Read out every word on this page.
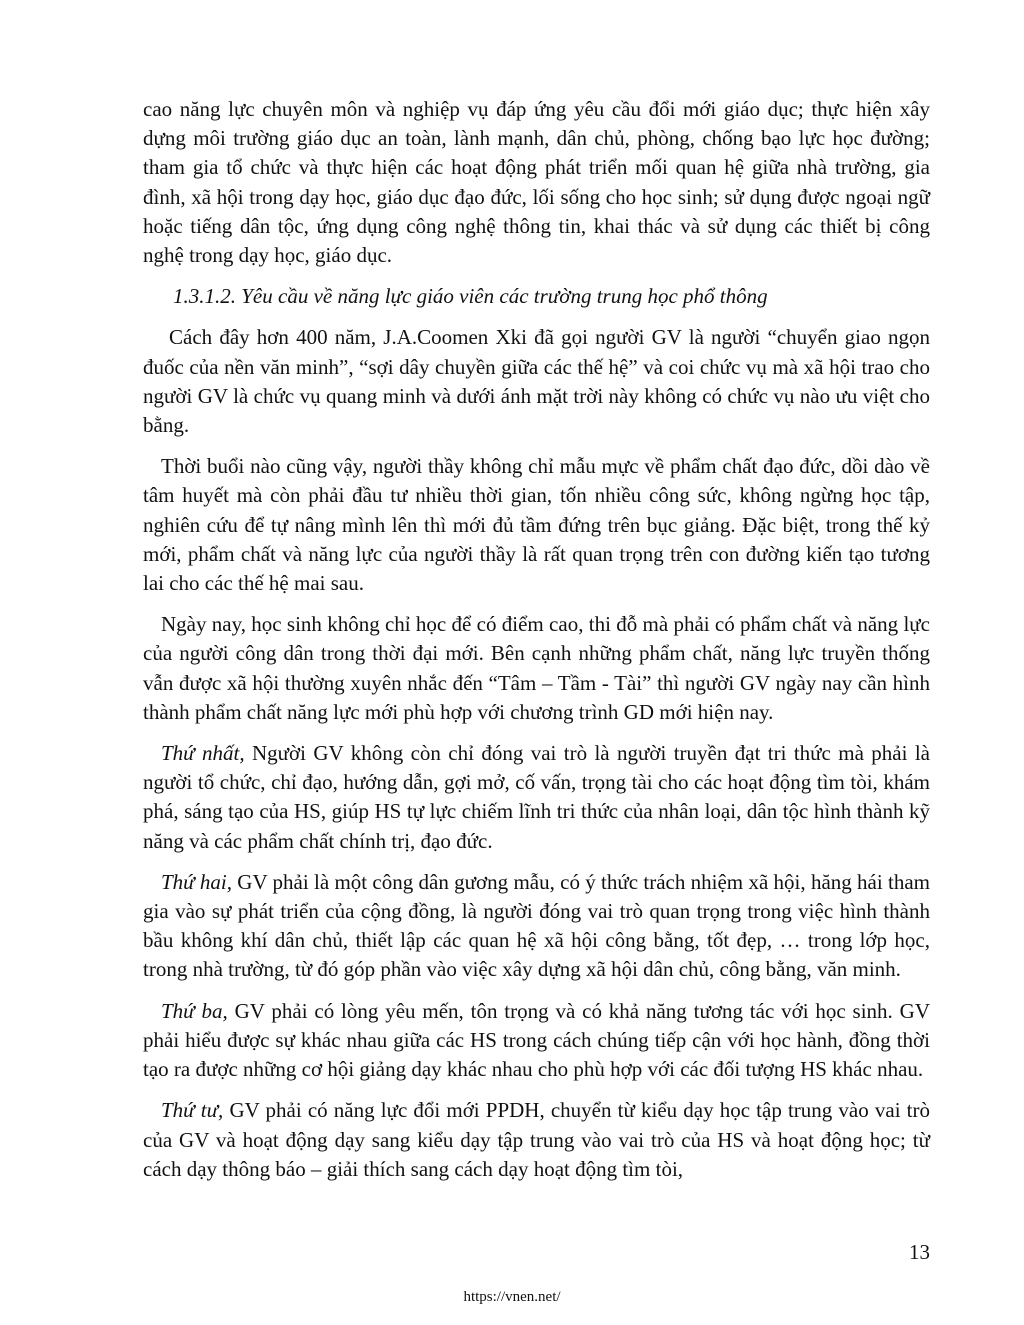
cao năng lực chuyên môn và nghiệp vụ đáp ứng yêu cầu đổi mới giáo dục; thực hiện xây dựng môi trường giáo dục an toàn, lành mạnh, dân chủ, phòng, chống bạo lực học đường; tham gia tổ chức và thực hiện các hoạt động phát triển mối quan hệ giữa nhà trường, gia đình, xã hội trong dạy học, giáo dục đạo đức, lối sống cho học sinh; sử dụng được ngoại ngữ hoặc tiếng dân tộc, ứng dụng công nghệ thông tin, khai thác và sử dụng các thiết bị công nghệ trong dạy học, giáo dục.

1.3.1.2. Yêu cầu về năng lực giáo viên các trường trung học phổ thông

Cách đây hơn 400 năm, J.A.Coomen Xki đã gọi người GV là người “chuyển giao ngọn đuốc của nền văn minh”, “sợi dây chuyền giữa các thế hệ” và coi chức vụ mà xã hội trao cho người GV là chức vụ quang minh và dưới ánh mặt trời này không có chức vụ nào ưu việt cho bằng.

Thời buổi nào cũng vậy, người thầy không chỉ mẫu mực về phẩm chất đạo đức, dồi dào về tâm huyết mà còn phải đầu tư nhiều thời gian, tốn nhiều công sức, không ngừng học tập, nghiên cứu để tự nâng mình lên thì mới đủ tầm đứng trên bục giảng. Đặc biệt, trong thế kỷ mới, phẩm chất và năng lực của người thầy là rất quan trọng trên con đường kiến tạo tương lai cho các thế hệ mai sau.

Ngày nay, học sinh không chỉ học để có điểm cao, thi đỗ mà phải có phẩm chất và năng lực của người công dân trong thời đại mới. Bên cạnh những phẩm chất, năng lực truyền thống vẫn được xã hội thường xuyên nhắc đến “Tâm – Tầm - Tài” thì người GV ngày nay cần hình thành phẩm chất năng lực mới phù hợp với chương trình GD mới hiện nay.

Thứ nhất, Người GV không còn chỉ đóng vai trò là người truyền đạt tri thức mà phải là người tổ chức, chỉ đạo, hướng dẫn, gợi mở, cố vấn, trọng tài cho các hoạt động tìm tòi, khám phá, sáng tạo của HS, giúp HS tự lực chiếm lĩnh tri thức của nhân loại, dân tộc hình thành kỹ năng và các phẩm chất chính trị, đạo đức.

Thứ hai, GV phải là một công dân gương mẫu, có ý thức trách nhiệm xã hội, hăng hái tham gia vào sự phát triển của cộng đồng, là người đóng vai trò quan trọng trong việc hình thành bầu không khí dân chủ, thiết lập các quan hệ xã hội công bằng, tốt đẹp, … trong lớp học, trong nhà trường, từ đó góp phần vào việc xây dựng xã hội dân chủ, công bằng, văn minh.

Thứ ba, GV phải có lòng yêu mến, tôn trọng và có khả năng tương tác với học sinh. GV phải hiểu được sự khác nhau giữa các HS trong cách chúng tiếp cận với học hành, đồng thời tạo ra được những cơ hội giảng dạy khác nhau cho phù hợp với các đối tượng HS khác nhau.

Thứ tư, GV phải có năng lực đổi mới PPDH, chuyển từ kiểu dạy học tập trung vào vai trò của GV và hoạt động dạy sang kiểu dạy tập trung vào vai trò của HS và hoạt động học; từ cách dạy thông báo – giải thích sang cách dạy hoạt động tìm tòi,

13
https://vnen.net/
